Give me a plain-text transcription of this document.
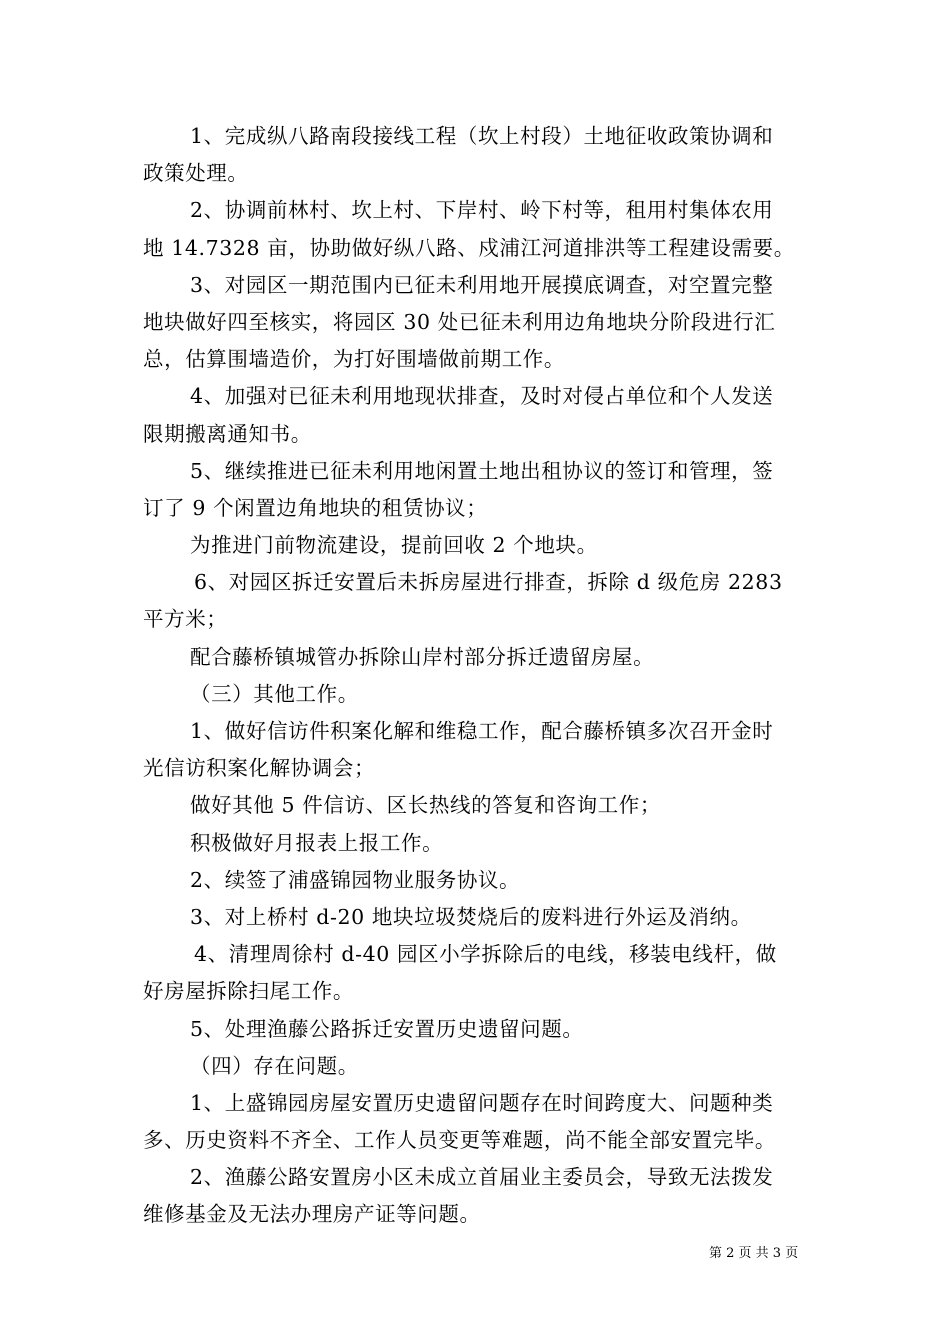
1、完成纵八路南段接线工程（坎上村段）土地征收政策协调和
政策处理。
2、协调前林村、坎上村、下岸村、岭下村等，租用村集体农用
地 14.7328 亩，协助做好纵八路、戍浦江河道排洪等工程建设需要。
3、对园区一期范围内已征未利用地开展摸底调查，对空置完整
地块做好四至核实，将园区 30 处已征未利用边角地块分阶段进行汇
总，估算围墙造价，为打好围墙做前期工作。
4、加强对已征未利用地现状排查，及时对侵占单位和个人发送
限期搬离通知书。
5、继续推进已征未利用地闲置土地出租协议的签订和管理，签
订了 9 个闲置边角地块的租赁协议；
为推进门前物流建设，提前回收 2 个地块。
6、对园区拆迁安置后未拆房屋进行排查，拆除 d 级危房 2283
平方米；
配合藤桥镇城管办拆除山岸村部分拆迁遗留房屋。
（三）其他工作。
1、做好信访件积案化解和维稳工作，配合藤桥镇多次召开金时
光信访积案化解协调会；
做好其他 5 件信访、区长热线的答复和咨询工作；
积极做好月报表上报工作。
2、续签了浦盛锦园物业服务协议。
3、对上桥村 d-20 地块垃圾焚烧后的废料进行外运及消纳。
4、清理周徐村 d-40 园区小学拆除后的电线，移装电线杆，做
好房屋拆除扫尾工作。
5、处理渔藤公路拆迁安置历史遗留问题。
（四）存在问题。
1、上盛锦园房屋安置历史遗留问题存在时间跨度大、问题种类
多、历史资料不齐全、工作人员变更等难题，尚不能全部安置完毕。
2、渔藤公路安置房小区未成立首届业主委员会，导致无法拨发
维修基金及无法办理房产证等问题。
第 2 页 共 3 页
